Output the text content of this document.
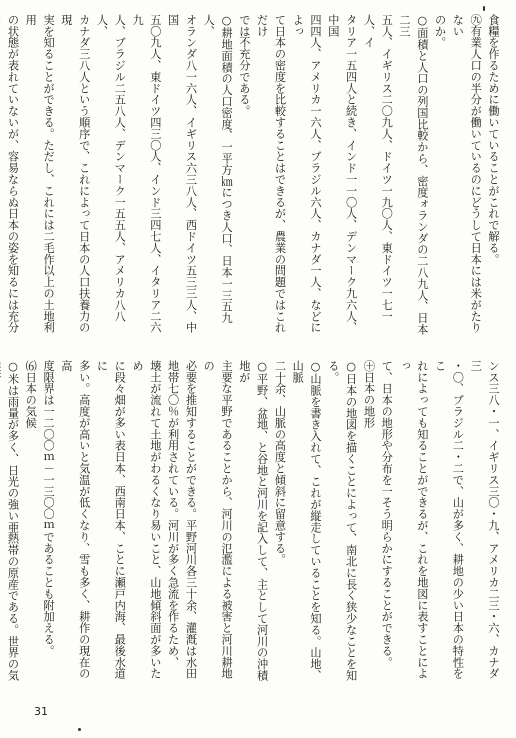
食糧を作るために働いていることがこれで解る。
㊈有業人口の半分が働いているのにどうして日本には米がたりない
のか。
○面積と人口の列国比較から、密度ォランダの二八九人、日本二三
五人、イギリス二〇九人、ドイツ一九〇人、東ドイツ一七一人、イ
タリア一五四人と続き、インド一一〇人、デンマーク九六人、中国
四四人、アメリカ一六人、ブラジル六人、カナダ一人、などによっ
て日本の密度を比較することはできるが、農業の問題ではこれだけ
では不充分である。
○耕地面積の人口密度、一平方㎞につき人口、日本一三五九人、
オランダ八一六人、イギリス六三八人、西ドイツ五三三人、中国
五〇九人、東ドイツ四三〇人、インド三四七人、イタリア二六九
人、ブラジル二五八人、デンマーク一五五人、アメリカ八八人、
カナダ三八人という順序で、これによって日本の人口扶養力の現
実を知ることができる。ただし、これには二毛作以上の土地利用
の状態が表れていないが、容易ならぬ日本の姿を知るには充分
ンス三八・一、イギリス三〇・九、アメリカ二三・六、カナダ三
・〇、ブラジル二・二で、山が多く、耕地の少い日本の特性をこ
れによっても知ることができるが、これを地図に表すことによっ
て、日本の地形や分布を一そう明らかにすることができる。
㊉日本の地形
○日本の地図を描くことによって、南北に長く狭少なことを知る。
○山脈を書き入れて、これが縦走していることを知る。山地、山脈
二十余、山脈の高度と傾斜に留意する。
○平野、盆地、と谷地と河川を記入して、主として河川の沖積地が
主要な平野であることから、河川の氾濫による被害と河川耕地の
必要を推知することができる。平野河川各三十余、灌漑は水田
地帯七〇％が利用されている。河川が多く急流を作るため、
壊土が流れて土地がわるくなり易いこと、山地傾斜面が多いため
に段々畑が多い表日本、西南日本、ことに瀬戸内海、最後水道に
多い。高度が高いと気温が低くなり、雪も多く、耕作の現在の高
度限界は一二〇〇ｍ－一三〇〇ｍであることも附加える。
⑹日本の気候
○米は雨量が多く、日光の強い亜熱帯の原産である。世界の気
31
